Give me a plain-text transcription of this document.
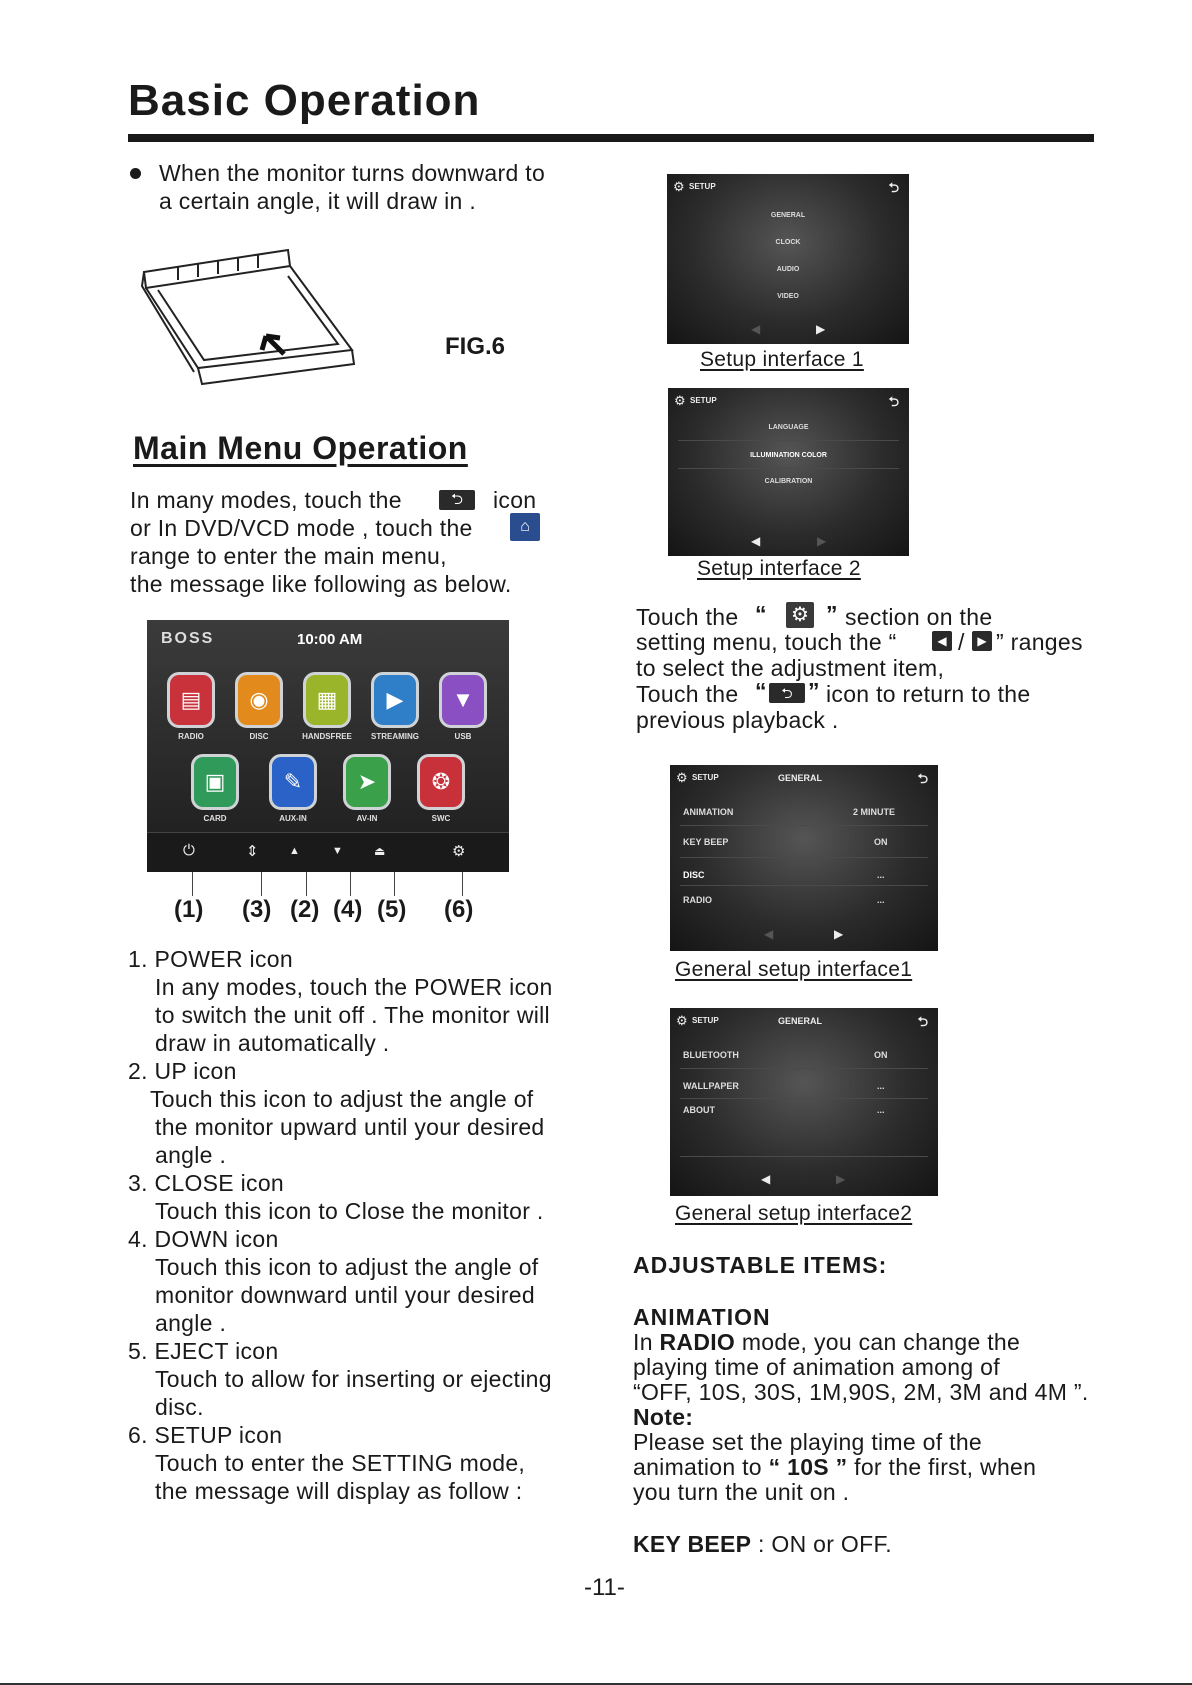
Basic Operation
When the monitor turns downward to
a certain angle, it will draw in .
FIG.6
Main Menu Operation
In many modes, touch the	⮌	icon
or In DVD/VCD mode , touch the	⌂
range to enter the main menu,
the message like following as below.
BOSS	10:00 AM
▤	◉	▦	▶	▼
RADIO	DISC	HANDSFREE	STREAMING	USB
▣	✎	➤	❂
CARD	AUX-IN	AV-IN	SWC
⏻	⇕	▲	▼	⏏	⚙
(1) (3) (2) (4) (5) (6)
1. POWER icon
In any modes, touch the POWER icon
to switch the unit off . The monitor will
draw in automatically .
2. UP icon
Touch this icon to adjust the angle of
the monitor upward until your desired
angle .
3. CLOSE icon
Touch this icon to Close the monitor .
4. DOWN icon
Touch this icon to adjust the angle of
monitor downward until your desired
angle .
5. EJECT icon
Touch to allow for inserting or ejecting
disc.
6. SETUP icon
Touch to enter the SETTING mode,
the message will display as follow :
⚙ SETUP	⮌
GENERAL
CLOCK
AUDIO
VIDEO
◀	▶
Setup interface 1
⚙ SETUP	⮌
LANGUAGE
ILLUMINATION COLOR
CALIBRATION
◀	▶
Setup interface 2
Touch the “ ⚙ ” section on the
setting menu, touch the “	◀ /	▶ ” ranges
to select the adjustment item,
Touch the “	⮌ ” icon to return to the
previous playback .
⚙ SETUP	GENERAL	⮌
ANIMATION	2 MINUTE
KEY BEEP	ON
DISC	...
RADIO	...
◀	▶
General setup interface1
⚙ SETUP	GENERAL	⮌
BLUETOOTH	ON
WALLPAPER	...
ABOUT	...
◀	▶
General setup interface2
ADJUSTABLE ITEMS:
ANIMATION
In RADIO mode, you can change the
playing time of animation among of
“OFF, 10S, 30S, 1M,90S, 2M, 3M and 4M ”.
Note:
Please set the playing time of the
animation to “ 10S ” for the first, when
you turn the unit on .
KEY BEEP : ON or OFF.
-11-
